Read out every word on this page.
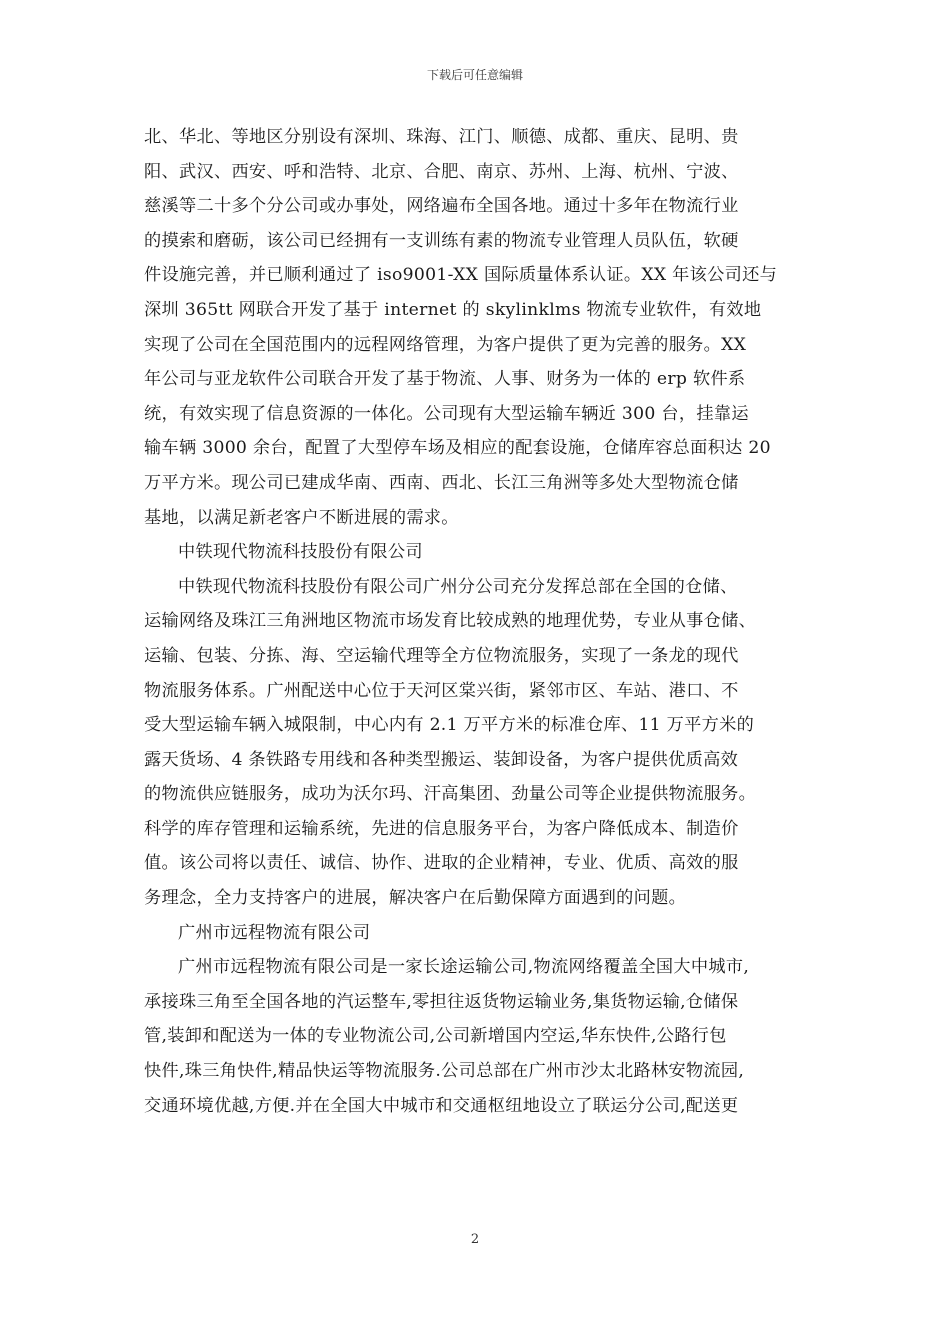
下载后可任意编辑
北、华北、等地区分别设有深圳、珠海、江门、顺德、成都、重庆、昆明、贵
阳、武汉、西安、呼和浩特、北京、合肥、南京、苏州、上海、杭州、宁波、
慈溪等二十多个分公司或办事处，网络遍布全国各地。通过十多年在物流行业
的摸索和磨砺，该公司已经拥有一支训练有素的物流专业管理人员队伍，软硬
件设施完善，并已顺利通过了 iso9001-XX 国际质量体系认证。XX 年该公司还与
深圳 365tt 网联合开发了基于 internet 的 skylinklms 物流专业软件，有效地
实现了公司在全国范围内的远程网络管理，为客户提供了更为完善的服务。XX
年公司与亚龙软件公司联合开发了基于物流、人事、财务为一体的 erp 软件系
统，有效实现了信息资源的一体化。公司现有大型运输车辆近 300 台，挂靠运
输车辆 3000 余台，配置了大型停车场及相应的配套设施，仓储库容总面积达 20
万平方米。现公司已建成华南、西南、西北、长江三角洲等多处大型物流仓储
基地，以满足新老客户不断进展的需求。
中铁现代物流科技股份有限公司
中铁现代物流科技股份有限公司广州分公司充分发挥总部在全国的仓储、
运输网络及珠江三角洲地区物流市场发育比较成熟的地理优势，专业从事仓储、
运输、包装、分拣、海、空运输代理等全方位物流服务，实现了一条龙的现代
物流服务体系。广州配送中心位于天河区棠兴街，紧邻市区、车站、港口、不
受大型运输车辆入城限制，中心内有 2.1 万平方米的标准仓库、11 万平方米的
露天货场、4 条铁路专用线和各种类型搬运、装卸设备，为客户提供优质高效
的物流供应链服务，成功为沃尔玛、汗高集团、劲量公司等企业提供物流服务。
科学的库存管理和运输系统，先进的信息服务平台，为客户降低成本、制造价
值。该公司将以责任、诚信、协作、进取的企业精神，专业、优质、高效的服
务理念，全力支持客户的进展，解决客户在后勤保障方面遇到的问题。
广州市远程物流有限公司
广州市远程物流有限公司是一家长途运输公司,物流网络覆盖全国大中城市,
承接珠三角至全国各地的汽运整车,零担往返货物运输业务,集货物运输,仓储保
管,装卸和配送为一体的专业物流公司,公司新增国内空运,华东快件,公路行包
快件,珠三角快件,精品快运等物流服务.公司总部在广州市沙太北路林安物流园,
交通环境优越,方便.并在全国大中城市和交通枢纽地设立了联运分公司,配送更
2
